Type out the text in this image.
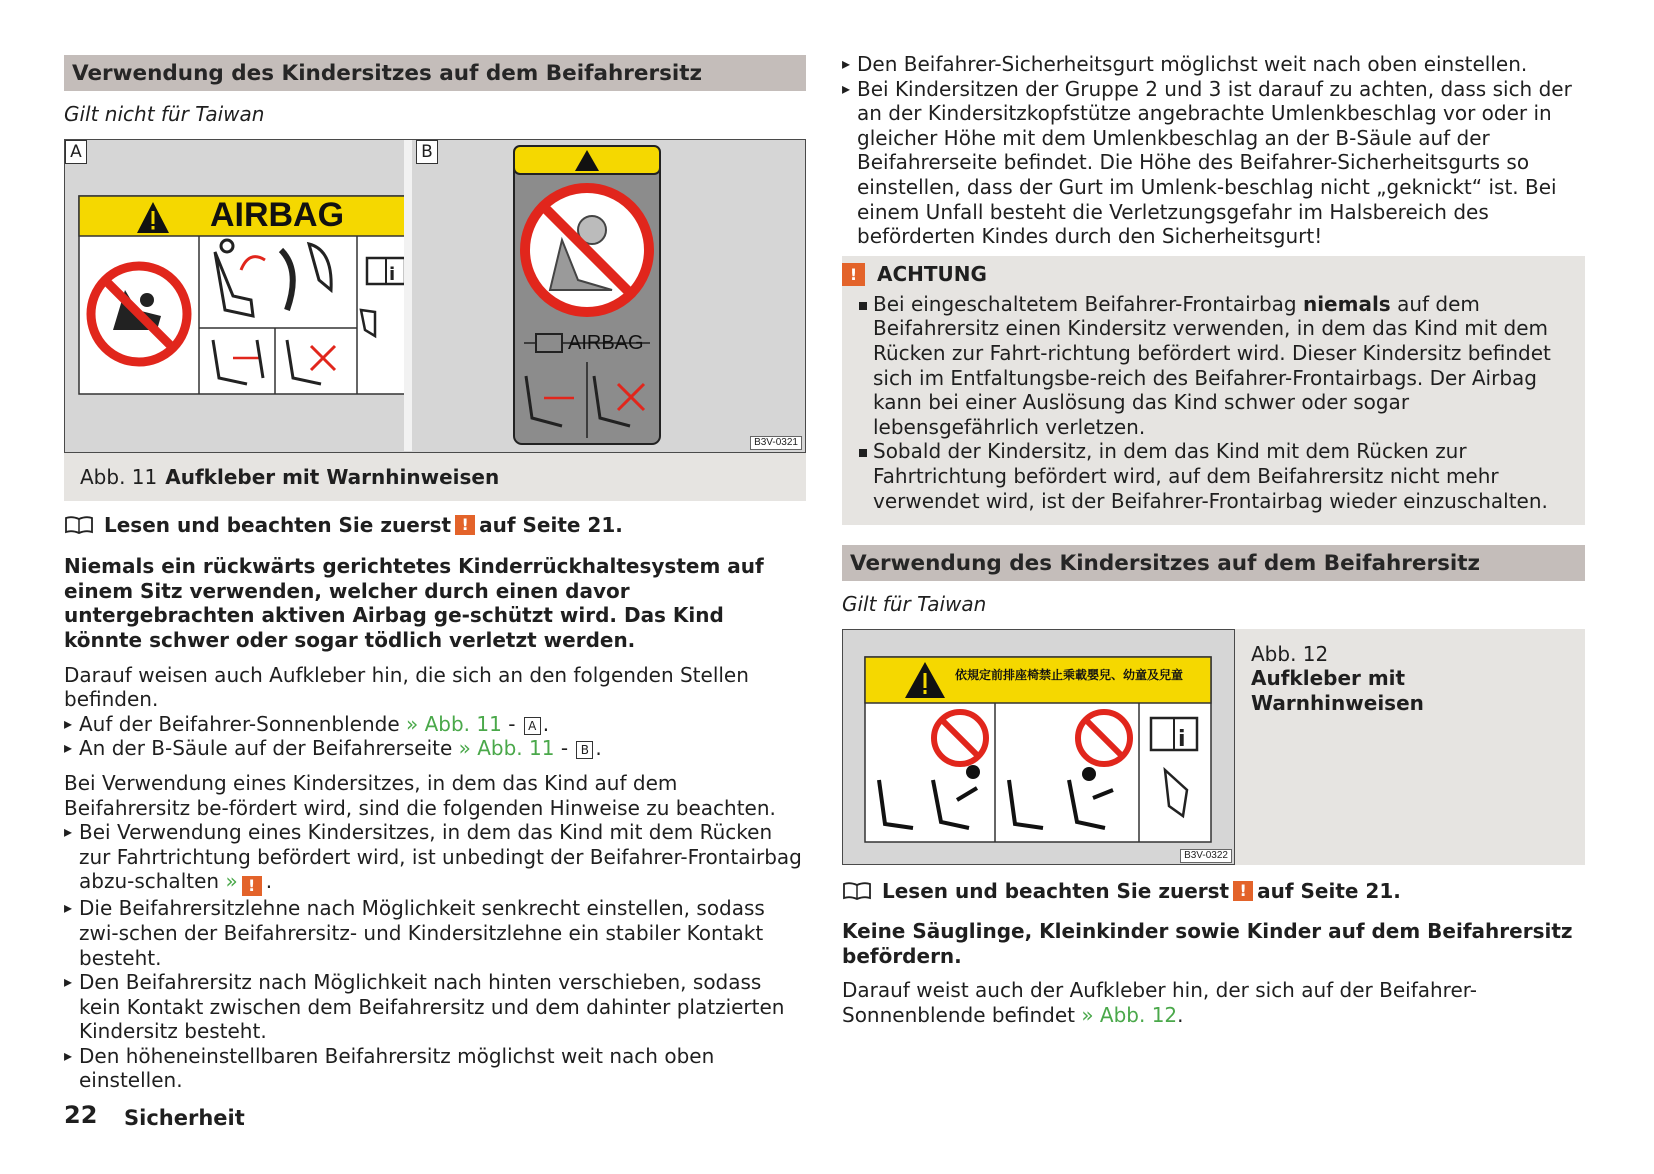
Verwendung des Kindersitzes auf dem Beifahrersitz
Gilt nicht für Taiwan
A
i
AIRBAG
B
AIRBAG
B3V-0321
Abb. 11 Aufkleber mit Warnhinweisen
Lesen und beachten Sie zuerst ! auf Seite 21.
Niemals ein rückwärts gerichtetes Kinderrückhaltesystem auf einem Sitz verwenden, welcher durch einen davor untergebrachten aktiven Airbag ge-schützt wird. Das Kind könnte schwer oder sogar tödlich verletzt werden.
Darauf weisen auch Aufkleber hin, die sich an den folgenden Stellen befinden.
▸ Auf der Beifahrer-Sonnenblende » Abb. 11 - A .
▸ An der B-Säule auf der Beifahrerseite » Abb. 11 - B .
Bei Verwendung eines Kindersitzes, in dem das Kind auf dem Beifahrersitz be-fördert wird, sind die folgenden Hinweise zu beachten.
▸ Bei Verwendung eines Kindersitzes, in dem das Kind mit dem Rücken zur Fahrtrichtung befördert wird, ist unbedingt der Beifahrer-Frontairbag abzu-schalten » ! .
▸ Die Beifahrersitzlehne nach Möglichkeit senkrecht einstellen, sodass zwi-schen der Beifahrersitz- und Kindersitzlehne ein stabiler Kontakt besteht.
▸ Den Beifahrersitz nach Möglichkeit nach hinten verschieben, sodass kein Kontakt zwischen dem Beifahrersitz und dem dahinter platzierten Kindersitz besteht.
▸ Den höheneinstellbaren Beifahrersitz möglichst weit nach oben einstellen.
▸ Den Beifahrer-Sicherheitsgurt möglichst weit nach oben einstellen.
▸ Bei Kindersitzen der Gruppe 2 und 3 ist darauf zu achten, dass sich der an der Kindersitzkopfstütze angebrachte Umlenkbeschlag vor oder in gleicher Höhe mit dem Umlenkbeschlag an der B-Säule auf der Beifahrerseite befindet. Die Höhe des Beifahrer-Sicherheitsgurts so einstellen, dass der Gurt im Umlenk-beschlag nicht „geknickt“ ist. Bei einem Unfall besteht die Verletzungsgefahr im Halsbereich des beförderten Kindes durch den Sicherheitsgurt!
! ACHTUNG
Bei eingeschaltetem Beifahrer-Frontairbag niemals auf dem Beifahrersitz einen Kindersitz verwenden, in dem das Kind mit dem Rücken zur Fahrt-richtung befördert wird. Dieser Kindersitz befindet sich im Entfaltungsbe-reich des Beifahrer-Frontairbags. Der Airbag kann bei einer Auslösung das Kind schwer oder sogar lebensgefährlich verletzen.
Sobald der Kindersitz, in dem das Kind mit dem Rücken zur Fahrtrichtung befördert wird, auf dem Beifahrersitz nicht mehr verwendet wird, ist der Beifahrer-Frontairbag wieder einzuschalten.
Verwendung des Kindersitzes auf dem Beifahrersitz
Gilt für Taiwan
i
依規定前排座椅禁止乘載嬰兒、幼童及兒童
B3V-0322
Abb. 12
Aufkleber mit Warnhinweisen
Lesen und beachten Sie zuerst ! auf Seite 21.
Keine Säuglinge, Kleinkinder sowie Kinder auf dem Beifahrersitz befördern.
Darauf weist auch der Aufkleber hin, der sich auf der Beifahrer-Sonnenblende befindet » Abb. 12.
22 Sicherheit
